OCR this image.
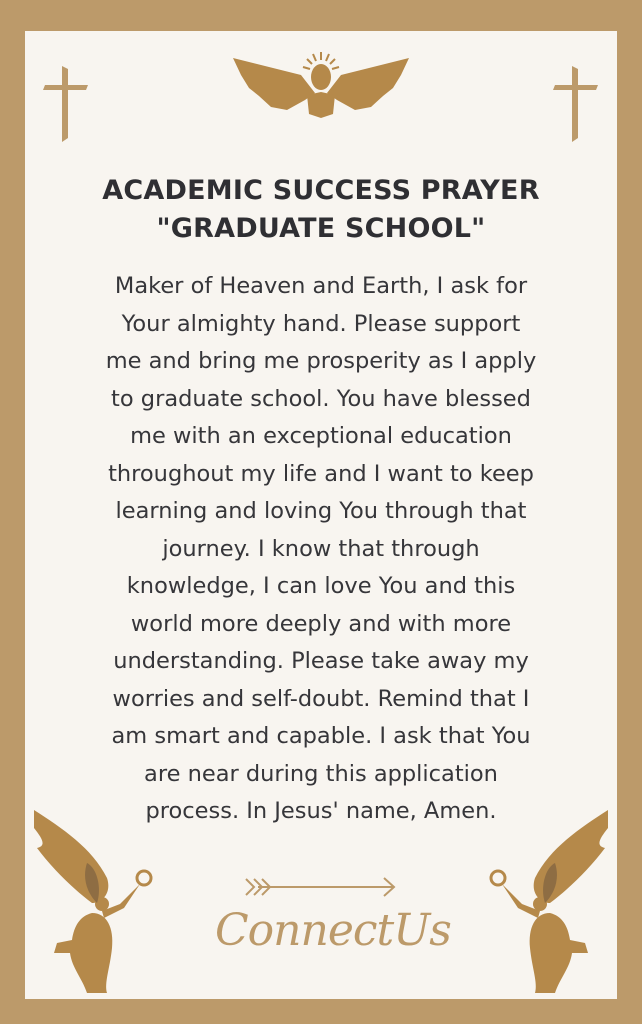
ACADEMIC SUCCESS PRAYER
"GRADUATE SCHOOL"
Maker of Heaven and Earth, I ask for
Your almighty hand. Please support
me and bring me prosperity as I apply
to graduate school. You have blessed
me with an exceptional education
throughout my life and I want to keep
learning and loving You through that
journey. I know that through
knowledge, I can love You and this
world more deeply and with more
understanding. Please take away my
worries and self-doubt. Remind that I
am smart and capable. I ask that You
are near during this application
process. In Jesus' name, Amen.
ConnectUs
